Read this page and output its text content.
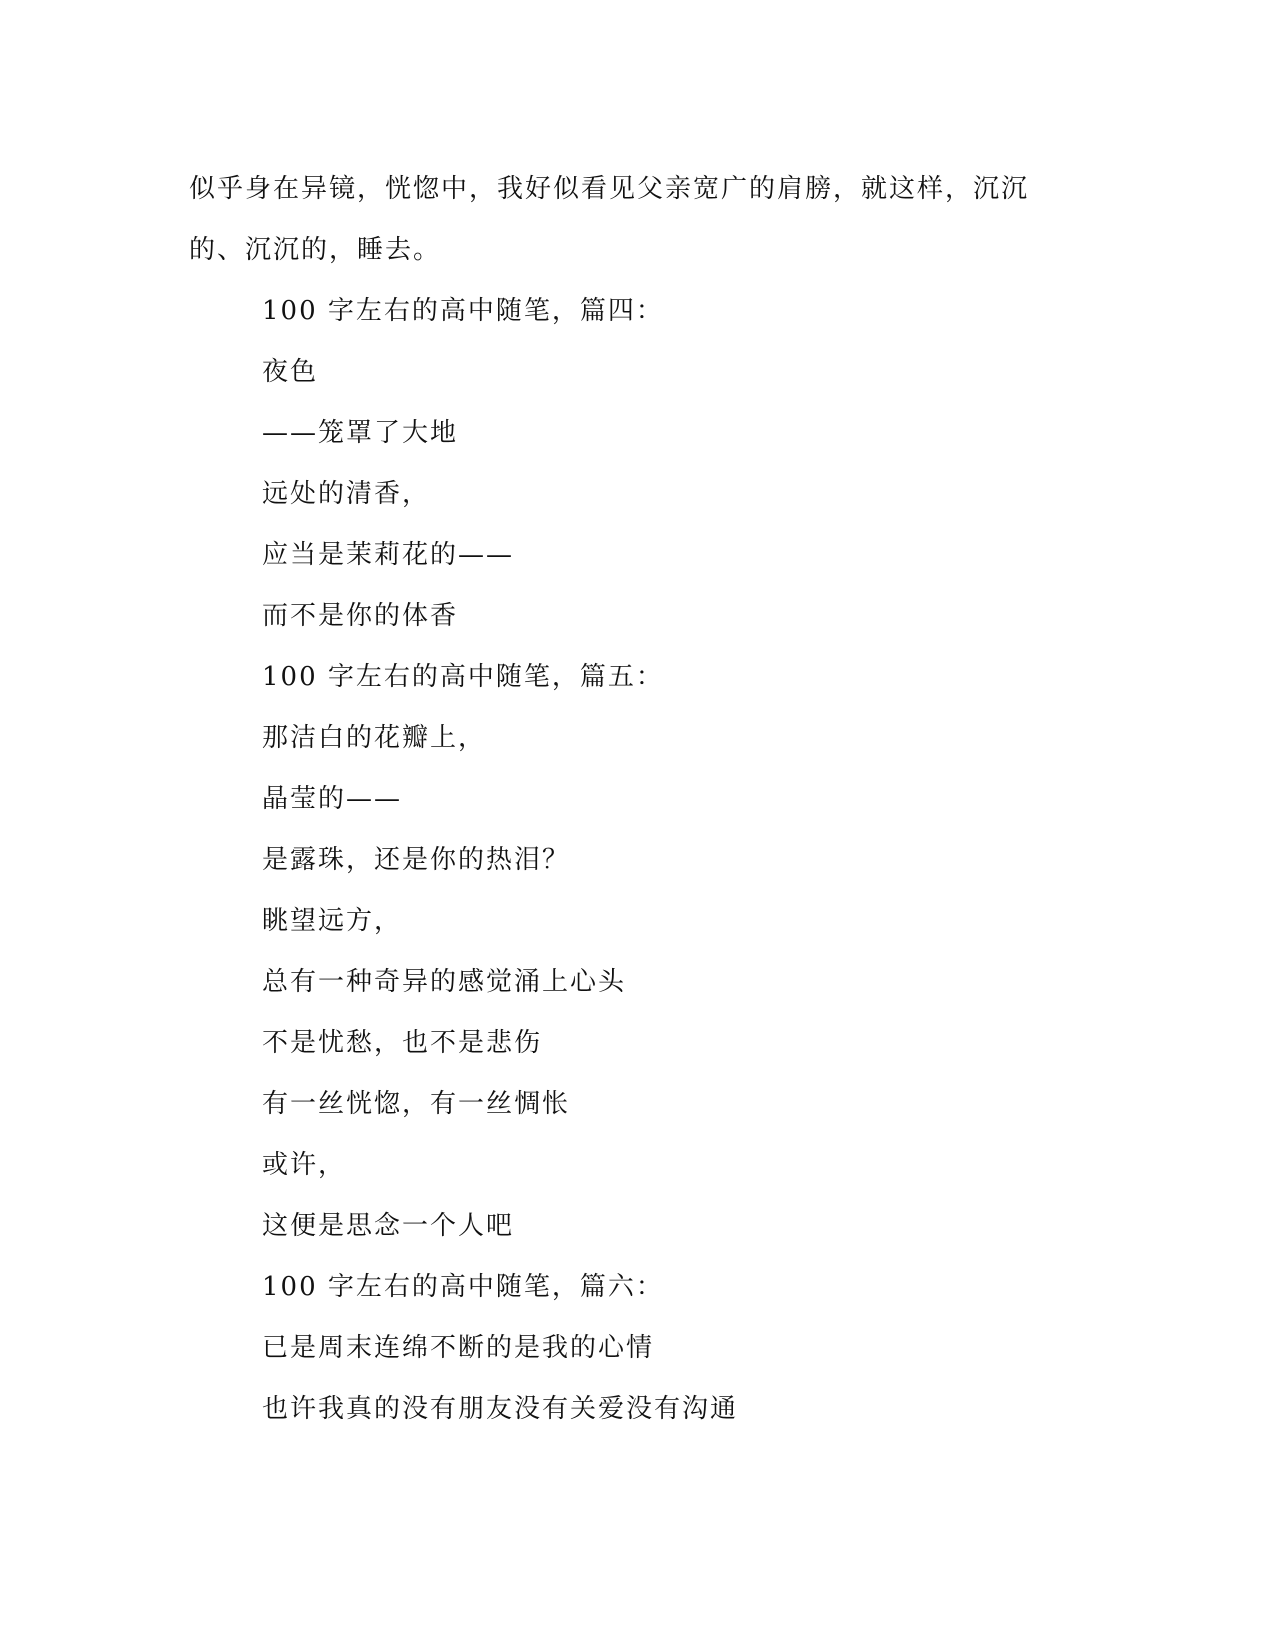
似乎身在异镜，恍惚中，我好似看见父亲宽广的肩膀，就这样，沉沉
的、沉沉的，睡去。
100 字左右的高中随笔，篇四：
夜色
——笼罩了大地
远处的清香，
应当是茉莉花的——
而不是你的体香
100 字左右的高中随笔，篇五：
那洁白的花瓣上，
晶莹的——
是露珠，还是你的热泪？
眺望远方，
总有一种奇异的感觉涌上心头
不是忧愁，也不是悲伤
有一丝恍惚，有一丝惆怅
或许，
这便是思念一个人吧
100 字左右的高中随笔，篇六：
已是周末连绵不断的是我的心情
也许我真的没有朋友没有关爱没有沟通
